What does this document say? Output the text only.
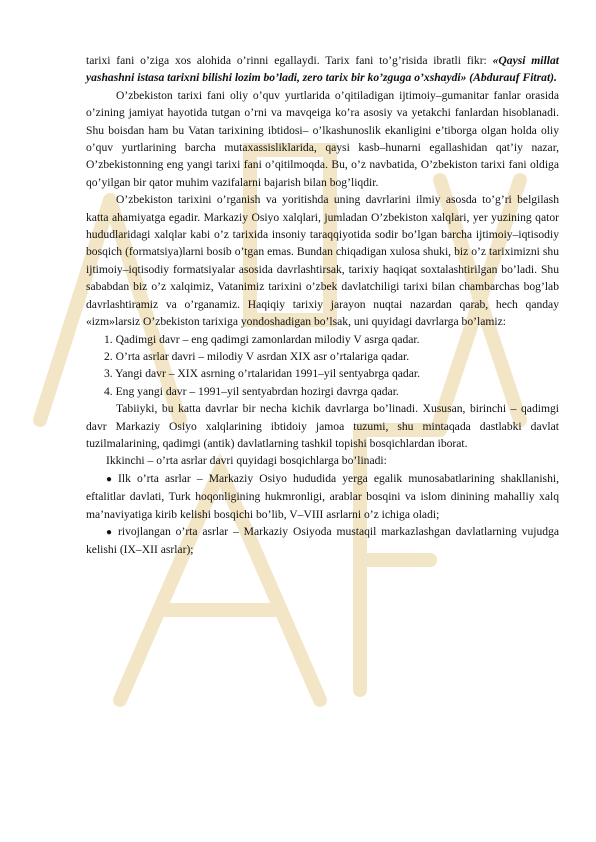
tarixi fani o’ziga xos alohida o’rinni egallaydi. Tarix fani to’g’risida ibratli fikr: «Qaysi millat yashashni istasa tarixni bilishi lozim bo’ladi, zero tarix bir ko’zguga o’xshaydi» (Abdurauf Fitrat).

O’zbekiston tarixi fani oliy o’quv yurtlarida o’qitiladigan ijtimoiy–gumanitar fanlar orasida o’zining jamiyat hayotida tutgan o’rni va mavqeiga ko’ra asosiy va yetakchi fanlardan hisoblanadi. Shu boisdan ham bu Vatan tarixining ibtidosi– o’lkashunoslik ekanligini e’tiborga olgan holda oliy o’quv yurtlarining barcha mutaxassisliklarida, qaysi kasb–hunarni egallashidan qat’iy nazar, O’zbekistonning eng yangi tarixi fani o’qitilmoqda. Bu, o’z navbatida, O’zbekiston tarixi fani oldiga qo’yilgan bir qator muhim vazifalarni bajarish bilan bog’liqdir.

O’zbekiston tarixini o’rganish va yoritishda uning davrlarini ilmiy asosda to’g’ri belgilash katta ahamiyatga egadir. Markaziy Osiyo xalqlari, jumladan O’zbekiston xalqlari, yer yuzining qator hududlaridagi xalqlar kabi o’z tarixida insoniy taraqqiyotida sodir bo’lgan barcha ijtimoiy–iqtisodiy bosqich (formatsiya)larni bosib o’tgan emas. Bundan chiqadigan xulosa shuki, biz o’z tariximizni shu ijtimoiy–iqtisodiy formatsiyalar asosida davrlashtirsak, tarixiy haqiqat soxtalashtirilgan bo’ladi. Shu sababdan biz o’z xalqimiz, Vatanimiz tarixini o’zbek davlatchiligi tarixi bilan chambarchas bog’lab davrlashtiramiz va o’rganamiz. Haqiqiy tarixiy jarayon nuqtai nazardan qarab, hech qanday «izm»larsiz O’zbekiston tarixiga yondoshadigan bo’lsak, uni quyidagi davrlarga bo’lamiz:

1. Qadimgi davr – eng qadimgi zamonlardan milodiy V asrga qadar.
2. O’rta asrlar davri – milodiy V asrdan XIX asr o’rtalariga qadar.
3. Yangi davr – XIX asrning o’rtalaridan 1991–yil sentyabrga qadar.
4. Eng yangi davr – 1991–yil sentyabrdan hozirgi davrga qadar.

Tabiiyki, bu katta davrlar bir necha kichik davrlarga bo’linadi. Xususan, birinchi – qadimgi davr Markaziy Osiyo xalqlarining ibtidoiy jamoa tuzumi, shu mintaqada dastlabki davlat tuzilmalarining, qadimgi (antik) davlatlarning tashkil topishi bosqichlardan iborat.

Ikkinchi – o’rta asrlar davri quyidagi bosqichlarga bo’linadi:

● Ilk o’rta asrlar – Markaziy Osiyo hududida yerga egalik munosabatlarining shakllanishi, eftalitlar davlati, Turk hoqonligining hukmronligi, arablar bosqini va islom dinining mahalliy xalq ma’naviyatiga kirib kelishi bosqichi bo’lib, V–VIII asrlarni o’z ichiga oladi;

● rivojlangan o’rta asrlar – Markaziy Osiyoda mustaqil markazlashgan davlatlarning vujudga kelishi (IX–XII asrlar);
